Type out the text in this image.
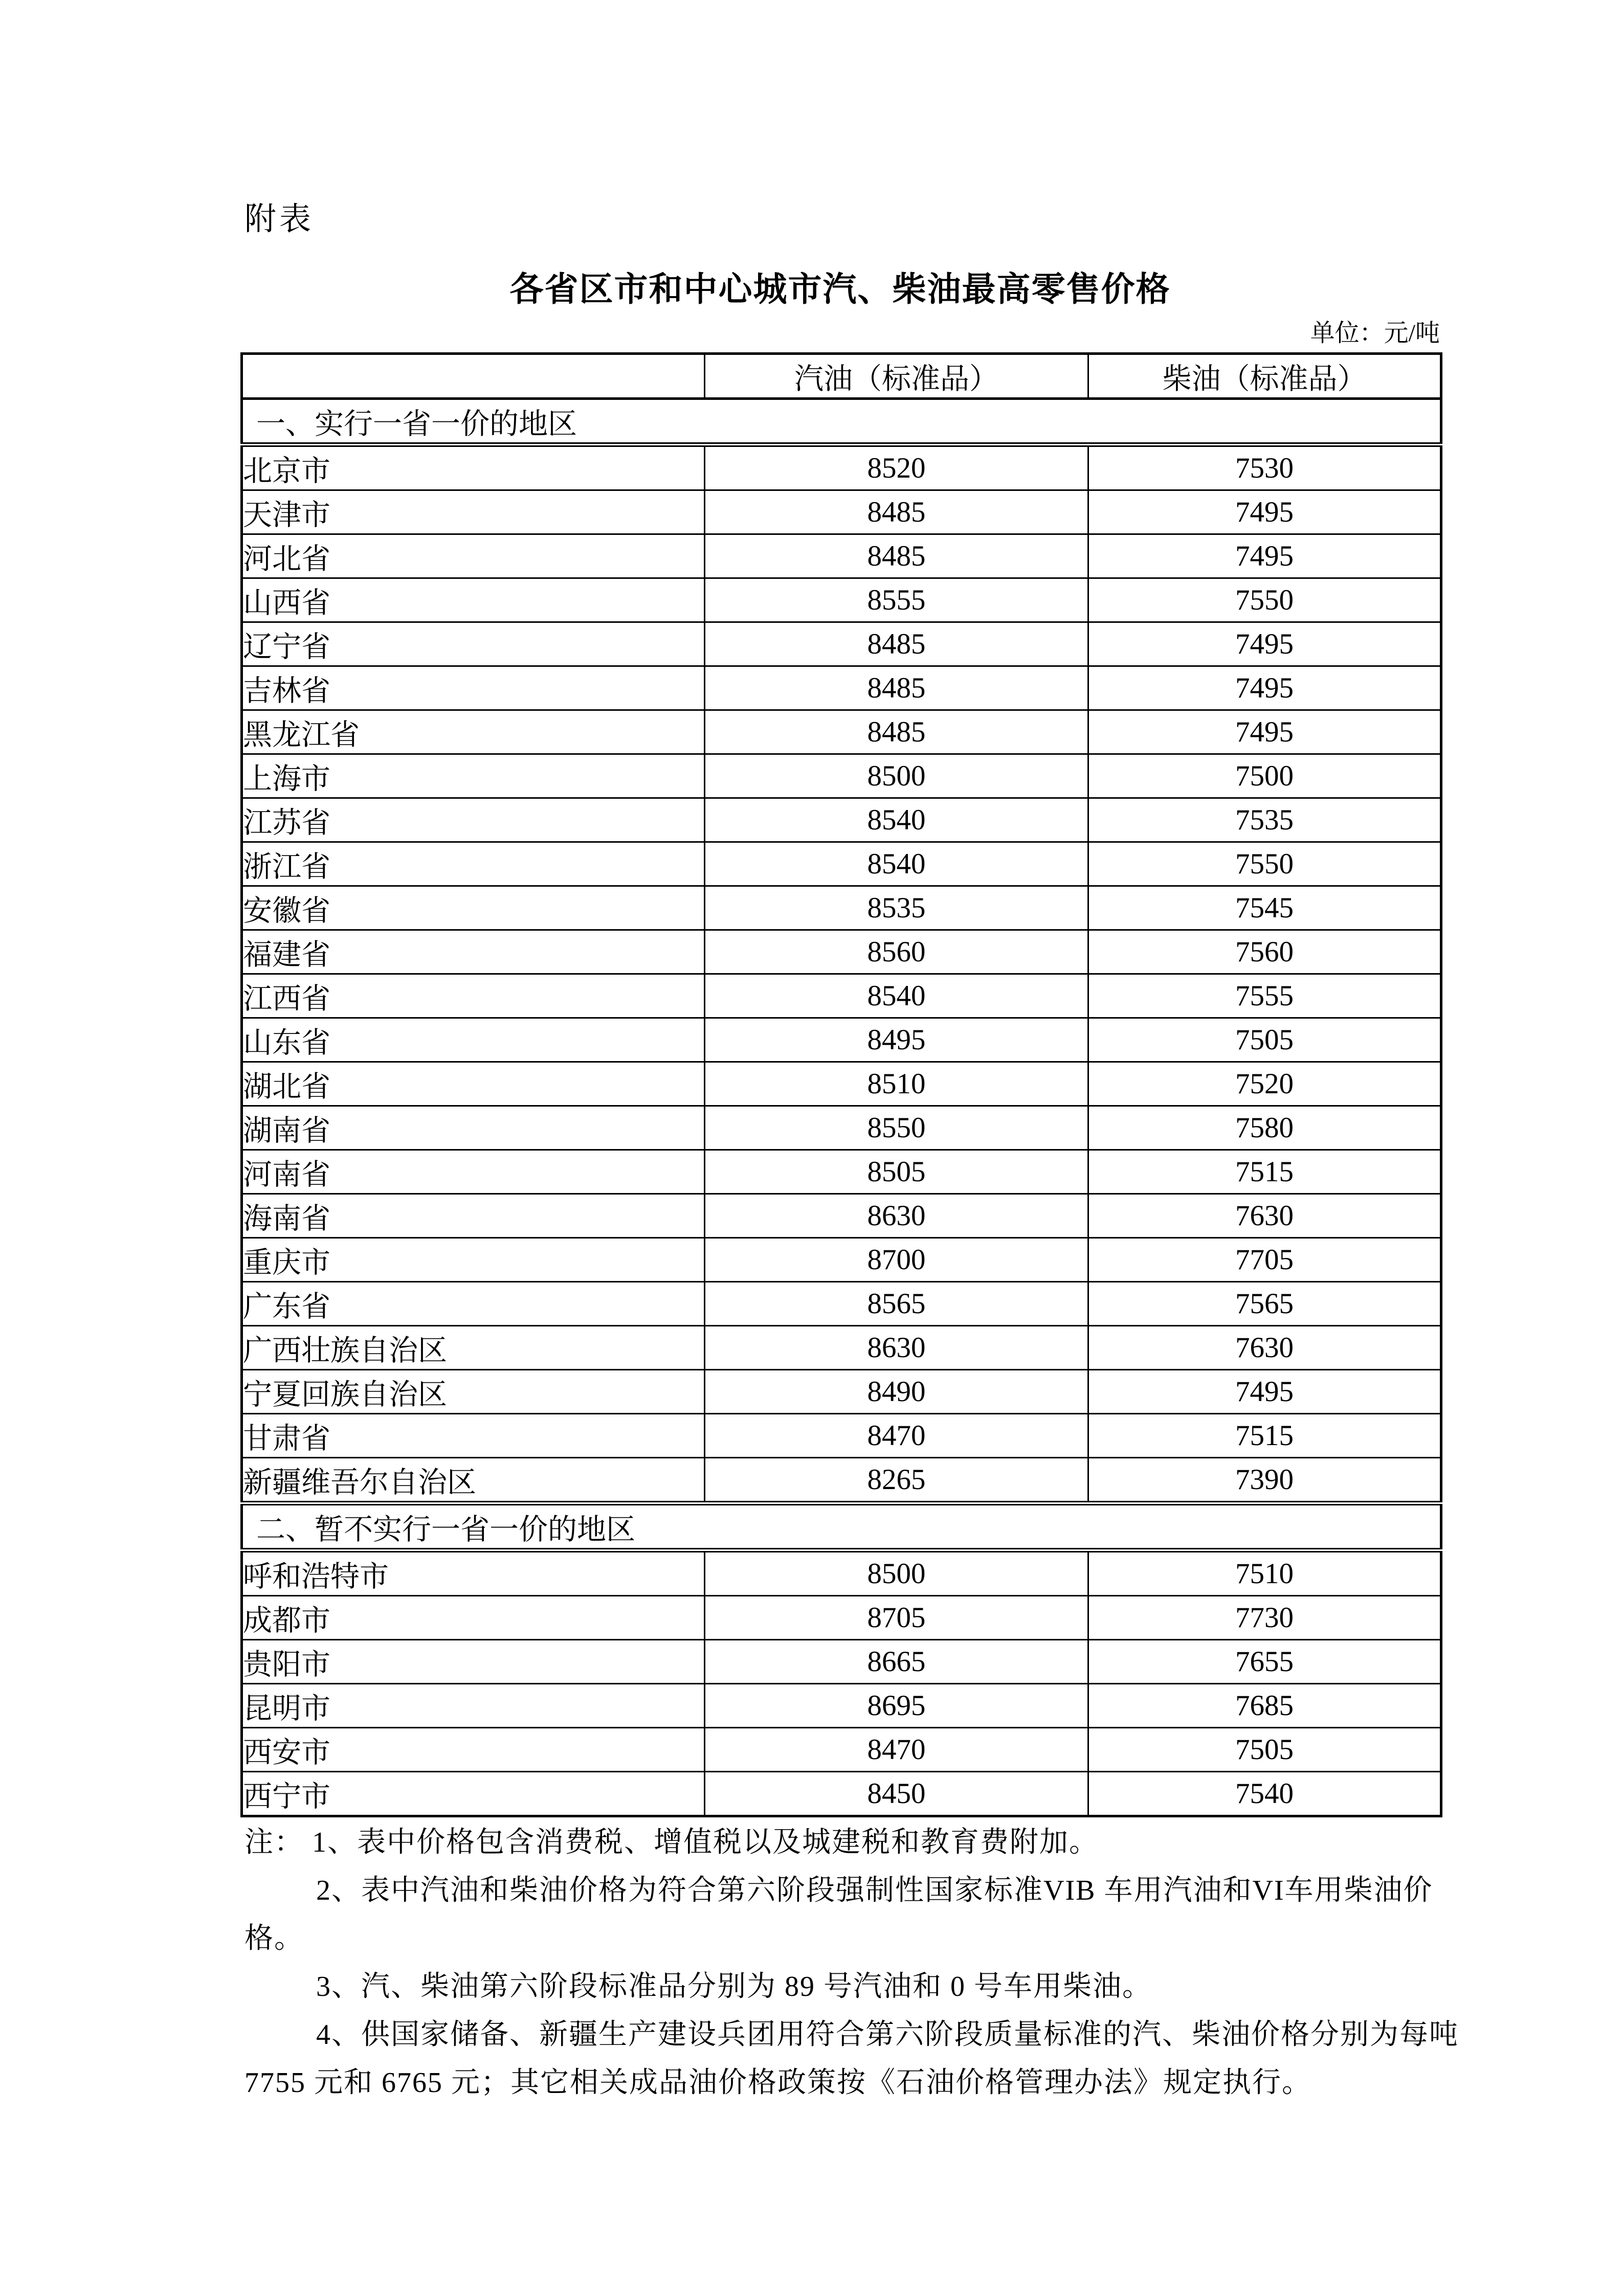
附表
各省区市和中心城市汽、柴油最高零售价格
单位：元/吨
	汽油（标准品）	柴油（标准品）
一、实行一省一价的地区		
北京市	8520	7530
天津市	8485	7495
河北省	8485	7495
山西省	8555	7550
辽宁省	8485	7495
吉林省	8485	7495
黑龙江省	8485	7495
上海市	8500	7500
江苏省	8540	7535
浙江省	8540	7550
安徽省	8535	7545
福建省	8560	7560
江西省	8540	7555
山东省	8495	7505
湖北省	8510	7520
湖南省	8550	7580
河南省	8505	7515
海南省	8630	7630
重庆市	8700	7705
广东省	8565	7565
广西壮族自治区	8630	7630
宁夏回族自治区	8490	7495
甘肃省	8470	7515
新疆维吾尔自治区	8265	7390
二、暂不实行一省一价的地区		
呼和浩特市	8500	7510
成都市	8705	7730
贵阳市	8665	7655
昆明市	8695	7685
西安市	8470	7505
西宁市	8450	7540
注： 1、表中价格包含消费税、增值税以及城建税和教育费附加。
2、表中汽油和柴油价格为符合第六阶段强制性国家标准VIB 车用汽油和VI车用柴油价
格。
3、汽、柴油第六阶段标准品分别为 89 号汽油和 0 号车用柴油。
4、供国家储备、新疆生产建设兵团用符合第六阶段质量标准的汽、柴油价格分别为每吨
7755 元和 6765 元；其它相关成品油价格政策按《石油价格管理办法》规定执行。
